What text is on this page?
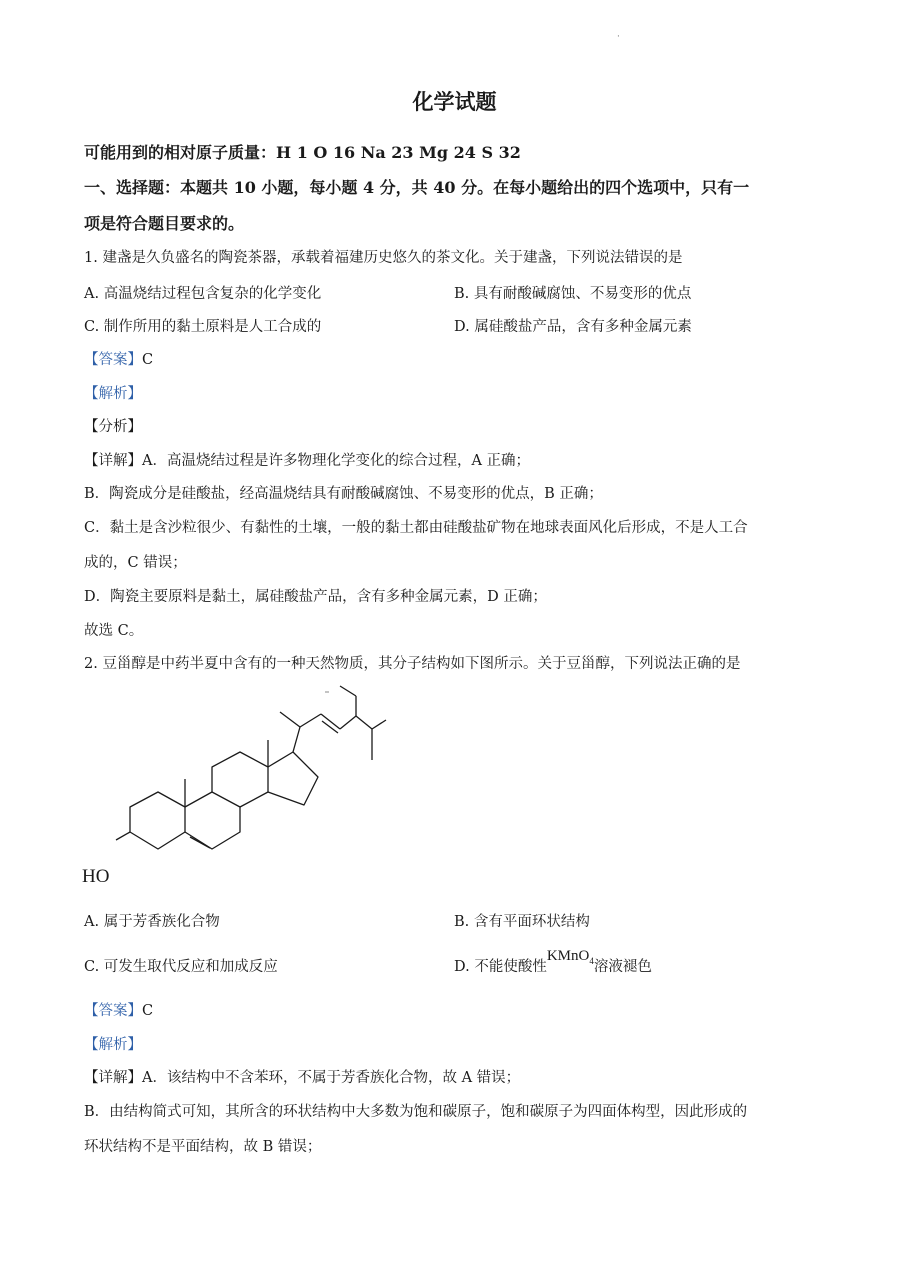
·
化学试题
可能用到的相对原子质量：H 1 O 16 Na 23 Mg 24 S 32
一、选择题：本题共 10 小题，每小题 4 分，共 40 分。在每小题给出的四个选项中，只有一
项是符合题目要求的。
1. 建盏是久负盛名的陶瓷茶器，承载着福建历史悠久的茶文化。关于建盏，下列说法错误的是
A. 高温烧结过程包含复杂的化学变化	B. 具有耐酸碱腐蚀、不易变形的优点
C. 制作所用的黏土原料是人工合成的	D. 属硅酸盐产品，含有多种金属元素
【答案】C
【解析】
【分析】
【详解】A．高温烧结过程是许多物理化学变化的综合过程，A 正确；
B．陶瓷成分是硅酸盐，经高温烧结具有耐酸碱腐蚀、不易变形的优点，B 正确；
C．黏土是含沙粒很少、有黏性的土壤，一般的黏土都由硅酸盐矿物在地球表面风化后形成，不是人工合
成的，C 错误；
D．陶瓷主要原料是黏土，属硅酸盐产品，含有多种金属元素，D 正确；
故选 C。
2. 豆甾醇是中药半夏中含有的一种天然物质，其分子结构如下图所示。关于豆甾醇，下列说法正确的是
HO
A. 属于芳香族化合物	B. 含有平面环状结构
C. 可发生取代反应和加成反应	D. 不能使酸性KMnO$_4$溶液褪色
【答案】C
【解析】
【详解】A．该结构中不含苯环，不属于芳香族化合物，故 A 错误；
B．由结构简式可知，其所含的环状结构中大多数为饱和碳原子，饱和碳原子为四面体构型，因此形成的
环状结构不是平面结构，故 B 错误；
